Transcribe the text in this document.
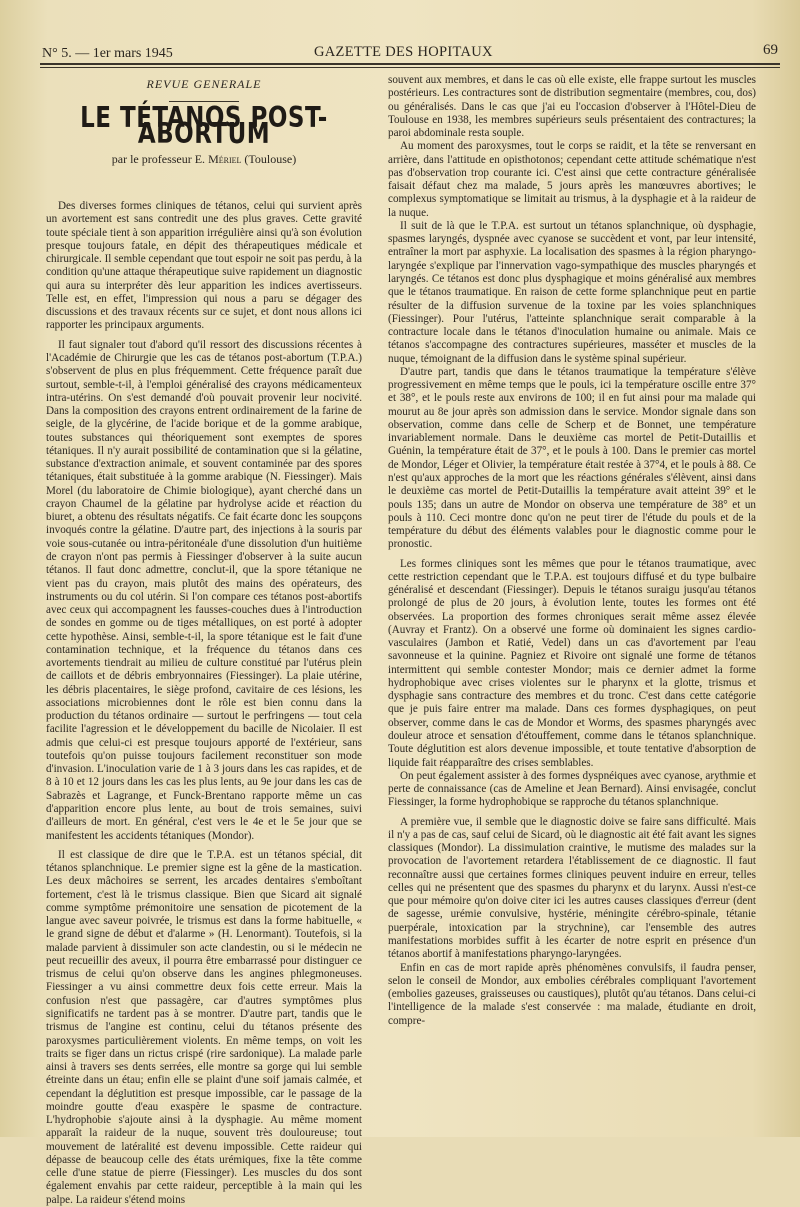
N° 5. — 1er mars 1945	GAZETTE DES HOPITAUX	69
REVUE GENERALE
LE TÉTANOS POST-ABORTUM
par le professeur E. Mériel (Toulouse)

Des diverses formes cliniques de tétanos, celui qui survient après un avortement est sans contredit une des plus graves. Cette gravité toute spéciale tient à son apparition irrégulière ainsi qu'à son évolution presque toujours fatale, en dépit des thérapeutiques médicale et chirurgicale. Il semble cependant que tout espoir ne soit pas perdu, à la condition qu'une attaque thérapeutique suive rapidement un diagnostic qui aura su interpréter dès leur apparition les indices avertisseurs. Telle est, en effet, l'impression qui nous a paru se dégager des discussions et des travaux récents sur ce sujet, et dont nous allons ici rapporter les principaux arguments.

Il faut signaler tout d'abord qu'il ressort des discussions récentes à l'Académie de Chirurgie que les cas de tétanos post-abortum (T.P.A.) s'observent de plus en plus fréquemment. Cette fréquence paraît due surtout, semble-t-il, à l'emploi généralisé des crayons médicamenteux intra-utérins. On s'est demandé d'où pouvait provenir leur nocivité. Dans la composition des crayons entrent ordinairement de la farine de seigle, de la glycérine, de l'acide borique et de la gomme arabique, toutes substances qui théoriquement sont exemptes de spores tétaniques. Il n'y aurait possibilité de contamination que si la gélatine, substance d'extraction animale, et souvent contaminée par des spores tétaniques, était substituée à la gomme arabique (N. Fiessinger). Mais Morel (du laboratoire de Chimie biologique), ayant cherché dans un crayon Chaumel de la gélatine par hydrolyse acide et réaction du biuret, a obtenu des résultats négatifs. Ce fait écarte donc les soupçons invoqués contre la gélatine. D'autre part, des injections à la souris par voie sous-cutanée ou intra-péritonéale d'une dissolution d'un huitième de crayon n'ont pas permis à Fiessinger d'observer à la suite aucun tétanos. Il faut donc admettre, conclut-il, que la spore tétanique ne vient pas du crayon, mais plutôt des mains des opérateurs, des instruments ou du col utérin. Si l'on compare ces tétanos post-abortifs avec ceux qui accompagnent les fausses-couches dues à l'introduction de sondes en gomme ou de tiges métalliques, on est porté à adopter cette hypothèse. Ainsi, semble-t-il, la spore tétanique est le fait d'une contamination technique, et la fréquence du tétanos dans ces avortements tiendrait au milieu de culture constitué par l'utérus plein de caillots et de débris embryonnaires (Fiessinger). La plaie utérine, les débris placentaires, le siège profond, cavitaire de ces lésions, les associations microbiennes dont le rôle est bien connu dans la production du tétanos ordinaire — surtout le perfringens — tout cela facilite l'agression et le développement du bacille de Nicolaier. Il est admis que celui-ci est presque toujours apporté de l'extérieur, sans toutefois qu'on puisse toujours facilement reconstituer son mode d'invasion. L'inoculation varie de 1 à 3 jours dans les cas rapides, et de 8 à 10 et 12 jours dans les cas les plus lents, au 9e jour dans les cas de Sabrazès et Lagrange, et Funck-Brentano rapporte même un cas d'apparition encore plus lente, au bout de trois semaines, suivi d'ailleurs de mort. En général, c'est vers le 4e et le 5e jour que se manifestent les accidents tétaniques (Mondor).

Il est classique de dire que le T.P.A. est un tétanos spécial, dit tétanos splanchnique. Le premier signe est la gêne de la mastication. Les deux mâchoires se serrent, les arcades dentaires s'emboîtant fortement, c'est là le trismus classique. Bien que Sicard ait signalé comme symptôme prémonitoire une sensation de picotement de la langue avec saveur poivrée, le trismus est dans la forme habituelle, « le grand signe de début et d'alarme » (H. Lenormant). Toutefois, si la malade parvient à dissimuler son acte clandestin, ou si le médecin ne peut recueillir des aveux, il pourra être embarrassé pour distinguer ce trismus de celui qu'on observe dans les angines phlegmoneuses. Fiessinger a vu ainsi commettre deux fois cette erreur. Mais la confusion n'est que passagère, car d'autres symptômes plus significatifs ne tardent pas à se montrer. D'autre part, tandis que le trismus de l'angine est continu, celui du tétanos présente des paroxysmes particulièrement violents. En même temps, on voit les traits se figer dans un rictus crispé (rire sardonique). La malade parle ainsi à travers ses dents serrées, elle montre sa gorge qui lui semble étreinte dans un étau; enfin elle se plaint d'une soif jamais calmée, et cependant la déglutition est presque impossible, car le passage de la moindre goutte d'eau exaspère le spasme de contracture. L'hydrophobie s'ajoute ainsi à la dysphagie. Au même moment apparaît la raideur de la nuque, souvent très douloureuse; tout mouvement de latéralité est devenu impossible. Cette raideur qui dépasse de beaucoup celle des états urémiques, fixe la tête comme celle d'une statue de pierre (Fiessinger). Les muscles du dos sont également envahis par cette raideur, perceptible à la main qui les palpe. La raideur s'étend moins

souvent aux membres, et dans le cas où elle existe, elle frappe surtout les muscles postérieurs. Les contractures sont de distribution segmentaire (membres, cou, dos) ou généralisés. Dans le cas que j'ai eu l'occasion d'observer à l'Hôtel-Dieu de Toulouse en 1938, les membres supérieurs seuls présentaient des contractures; la paroi abdominale resta souple.

Au moment des paroxysmes, tout le corps se raidit, et la tête se renversant en arrière, dans l'attitude en opisthotonos; cependant cette attitude schématique n'est pas d'observation trop courante ici. C'est ainsi que cette contracture généralisée faisait défaut chez ma malade, 5 jours après les manœuvres abortives; le complexus symptomatique se limitait au trismus, à la dysphagie et à la raideur de la nuque.

Il suit de là que le T.P.A. est surtout un tétanos splanchnique, où dysphagie, spasmes laryngés, dyspnée avec cyanose se succèdent et vont, par leur intensité, entraîner la mort par asphyxie. La localisation des spasmes à la région pharyngo-laryngée s'explique par l'innervation vago-sympathique des muscles pharyngés et laryngés. Ce tétanos est donc plus dysphagique et moins généralisé aux membres que le tétanos traumatique. En raison de cette forme splanchnique peut en partie résulter de la diffusion survenue de la toxine par les voies splanchniques (Fiessinger). Pour l'utérus, l'atteinte splanchnique serait comparable à la contracture locale dans le tétanos d'inoculation humaine ou animale. Mais ce tétanos s'accompagne des contractures supérieures, masséter et muscles de la nuque, témoignant de la diffusion dans le système spinal supérieur.

D'autre part, tandis que dans le tétanos traumatique la température s'élève progressivement en même temps que le pouls, ici la température oscille entre 37° et 38°, et le pouls reste aux environs de 100; il en fut ainsi pour ma malade qui mourut au 8e jour après son admission dans le service. Mondor signale dans son observation, comme dans celle de Scherp et de Bonnet, une température invariablement normale. Dans le deuxième cas mortel de Petit-Dutaillis et Guénin, la température était de 37°, et le pouls à 100. Dans le premier cas mortel de Mondor, Léger et Olivier, la température était restée à 37°4, et le pouls à 88. Ce n'est qu'aux approches de la mort que les réactions générales s'élèvent, ainsi dans le deuxième cas mortel de Petit-Dutaillis la température avait atteint 39° et le pouls 135; dans un autre de Mondor on observa une température de 38° et un pouls à 110. Ceci montre donc qu'on ne peut tirer de l'étude du pouls et de la température du début des éléments valables pour le diagnostic comme pour le pronostic.

Les formes cliniques sont les mêmes que pour le tétanos traumatique, avec cette restriction cependant que le T.P.A. est toujours diffusé et du type bulbaire généralisé et descendant (Fiessinger). Depuis le tétanos suraigu jusqu'au tétanos prolongé de plus de 20 jours, à évolution lente, toutes les formes ont été observées. La proportion des formes chroniques serait même assez élevée (Auvray et Frantz). On a observé une forme où dominaient les signes cardio-vasculaires (Jambon et Ratié, Vedel) dans un cas d'avortement par l'eau savonneuse et la quinine. Pagniez et Rivoire ont signalé une forme de tétanos intermittent qui semble contester Mondor; mais ce dernier admet la forme hydrophobique avec crises violentes sur le pharynx et la glotte, trismus et dysphagie sans contracture des membres et du tronc. C'est dans cette catégorie que je puis faire entrer ma malade. Dans ces formes dysphagiques, on peut observer, comme dans le cas de Mondor et Worms, des spasmes pharyngés avec douleur atroce et sensation d'étouffement, comme dans le tétanos splanchnique. Toute déglutition est alors devenue impossible, et toute tentative d'absorption de liquide fait réapparaître des crises semblables.

On peut également assister à des formes dyspnéiques avec cyanose, arythmie et perte de connaissance (cas de Ameline et Jean Bernard). Ainsi envisagée, conclut Fiessinger, la forme hydrophobique se rapproche du tétanos splanchnique.

A première vue, il semble que le diagnostic doive se faire sans difficulté. Mais il n'y a pas de cas, sauf celui de Sicard, où le diagnostic ait été fait avant les signes classiques (Mondor). La dissimulation craintive, le mutisme des malades sur la provocation de l'avortement retardera l'établissement de ce diagnostic. Il faut reconnaître aussi que certaines formes cliniques peuvent induire en erreur, telles celles qui ne présentent que des spasmes du pharynx et du larynx. Aussi n'est-ce que pour mémoire qu'on doive citer ici les autres causes classiques d'erreur (dent de sagesse, urémie convulsive, hystérie, méningite cérébro-spinale, tétanie puerpérale, intoxication par la strychnine), car l'ensemble des autres manifestations morbides suffit à les écarter de notre esprit en présence d'un tétanos abortif à manifestations pharyngo-laryngées.

Enfin en cas de mort rapide après phénomènes convulsifs, il faudra penser, selon le conseil de Mondor, aux embolies cérébrales compliquant l'avortement (embolies gazeuses, graisseuses ou caustiques), plutôt qu'au tétanos. Dans celui-ci l'intelligence de la malade s'est conservée : ma malade, étudiante en droit, compre-
